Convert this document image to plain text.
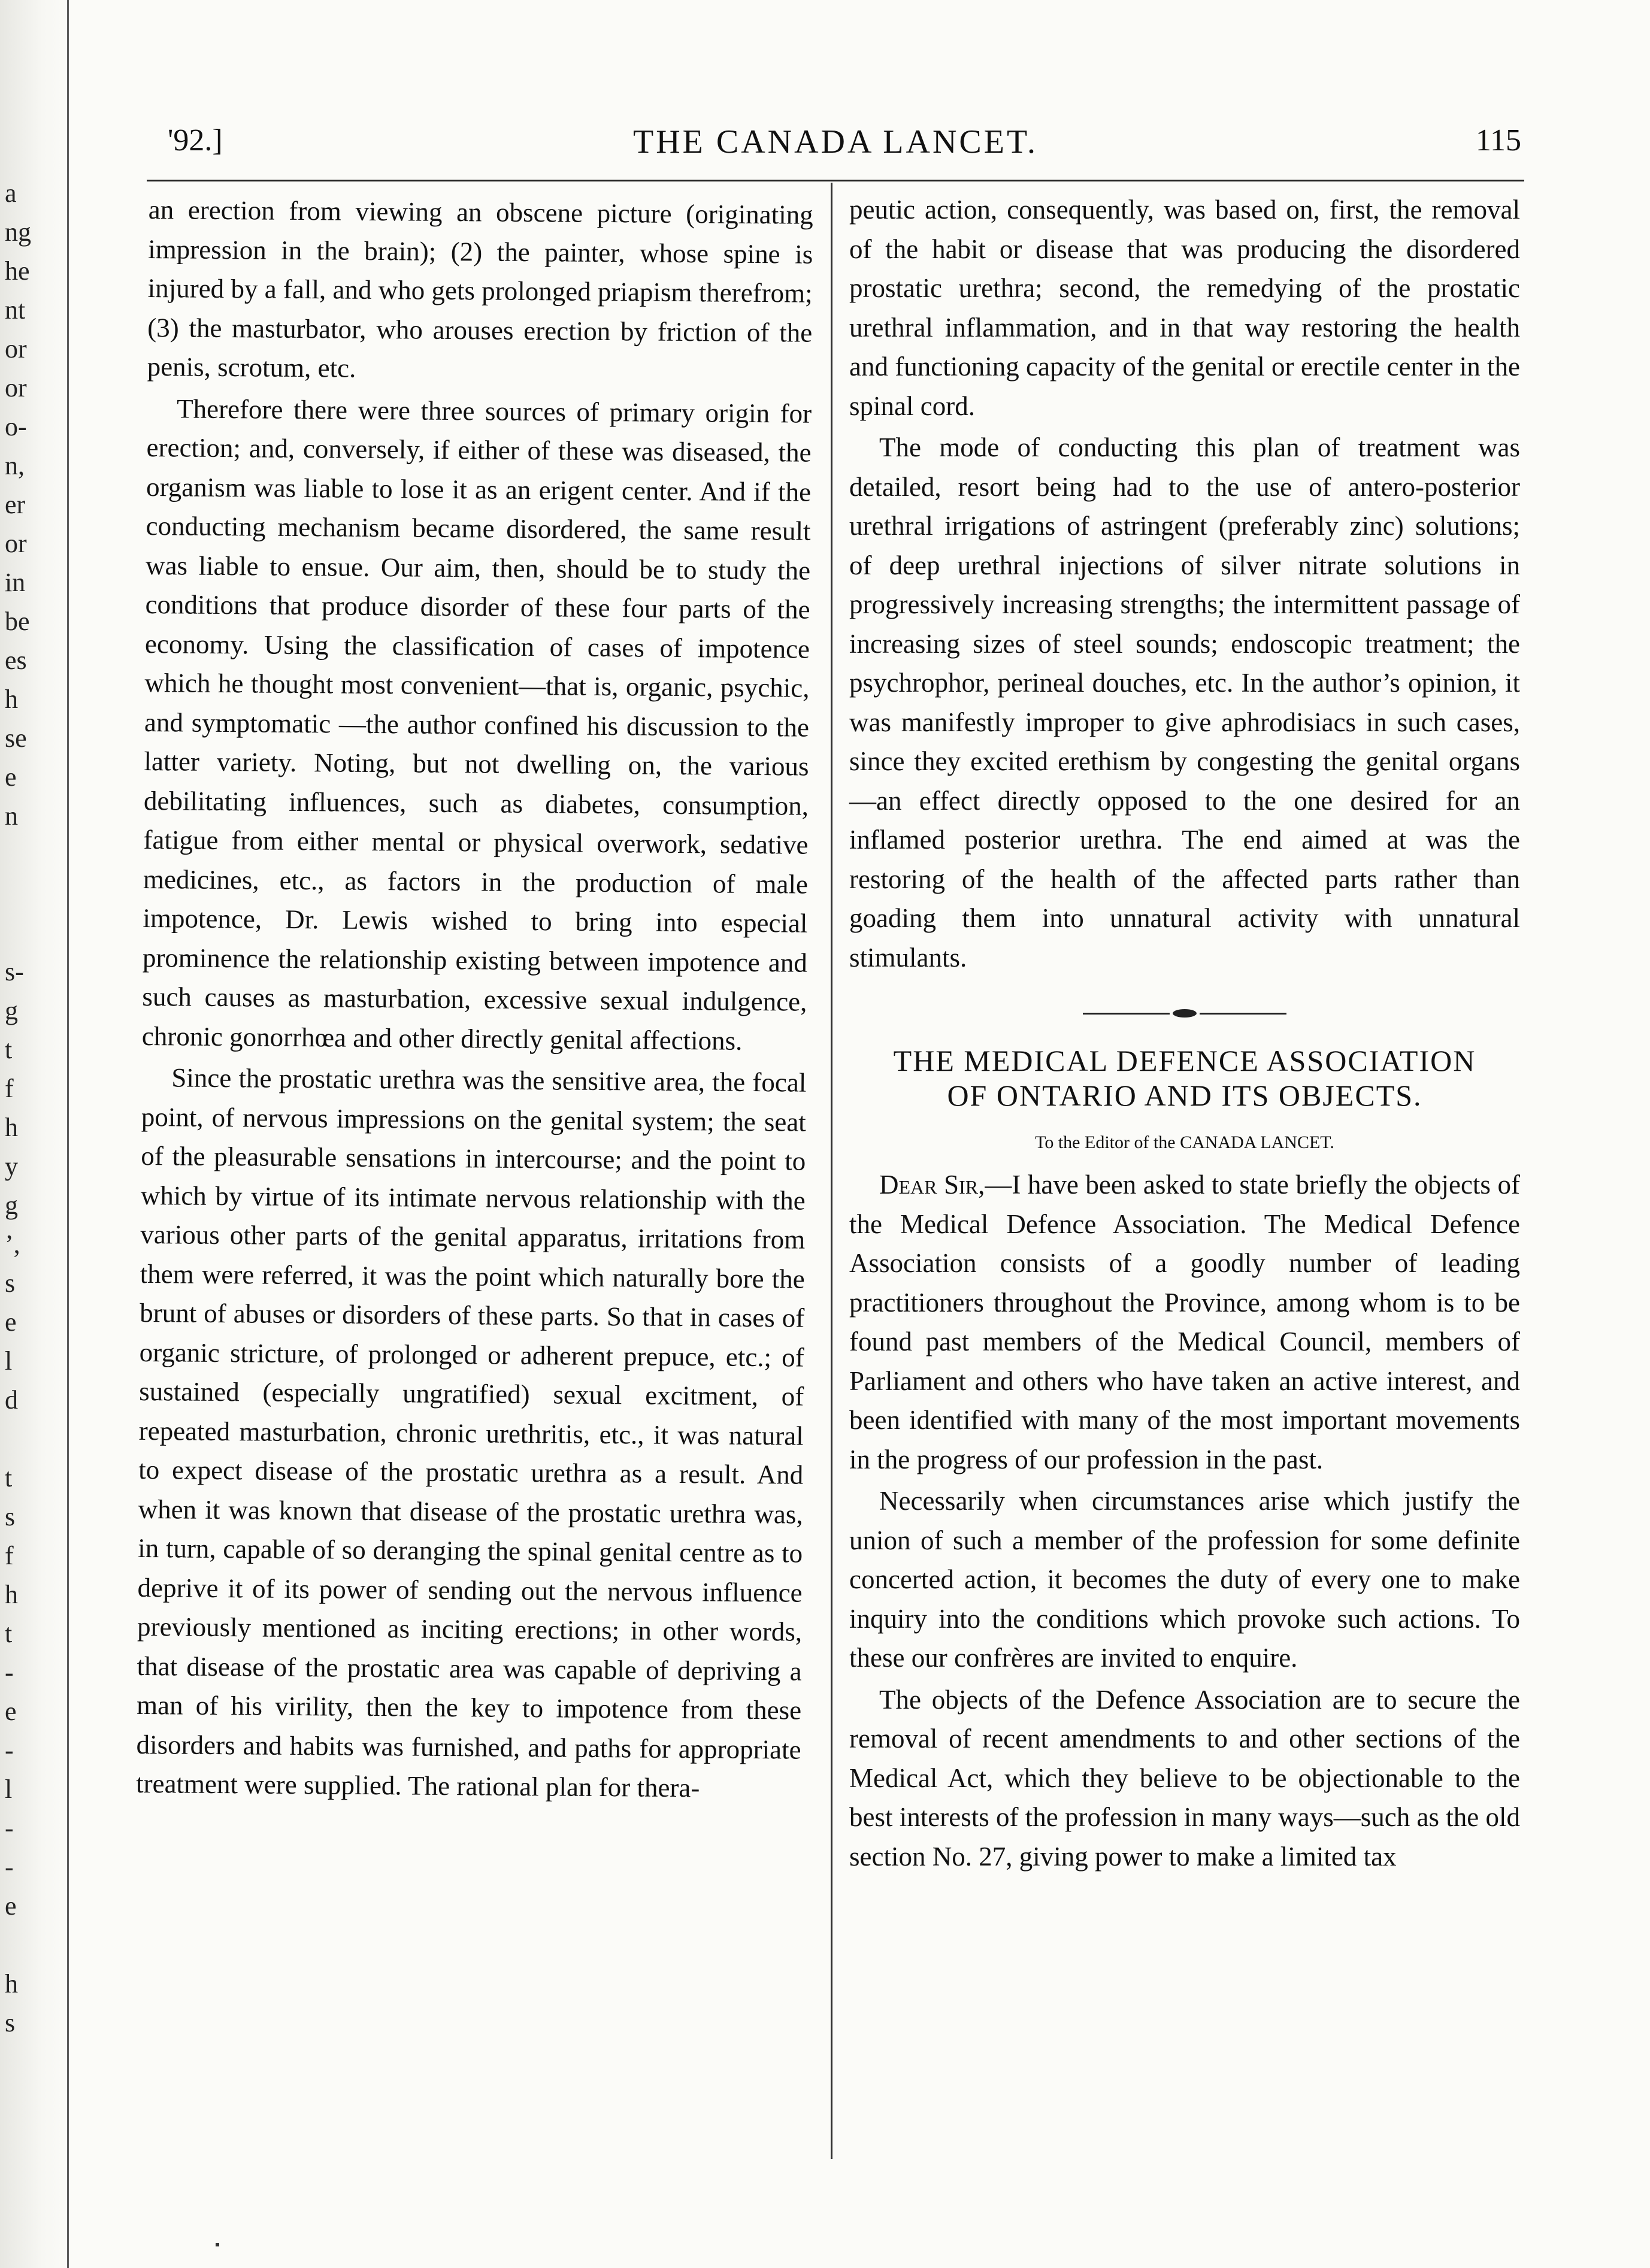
a
ng
he
nt
or
or
o-
n,
er
or
in
be
es
h
se
e
n
s-
g
t
f
h
y
g
’,
s
e
l
d
t
s
f
h
t
-
e
-
l
-
-
e
h
s
'92.]	THE CANADA LANCET.	115

an erection from viewing an obscene picture (originating impression in the brain); (2) the painter, whose spine is injured by a fall, and who gets prolonged priapism therefrom; (3) the masturbator, who arouses erection by friction of the penis, scrotum, etc.

Therefore there were three sources of primary origin for erection; and, conversely, if either of these was diseased, the organism was liable to lose it as an erigent center. And if the conducting mechanism became disordered, the same result was liable to ensue. Our aim, then, should be to study the conditions that produce disorder of these four parts of the economy. Using the classification of cases of impotence which he thought most convenient—that is, organic, psychic, and symptomatic —the author confined his discussion to the latter variety. Noting, but not dwelling on, the various debilitating influences, such as diabetes, consumption, fatigue from either mental or physical overwork, sedative medicines, etc., as factors in the production of male impotence, Dr. Lewis wished to bring into especial prominence the relationship existing between impotence and such causes as masturbation, excessive sexual indulgence, chronic gonorrhœa and other directly genital affections.

Since the prostatic urethra was the sensitive area, the focal point, of nervous impressions on the genital system; the seat of the pleasurable sensations in intercourse; and the point to which by virtue of its intimate nervous relationship with the various other parts of the genital apparatus, irritations from them were referred, it was the point which naturally bore the brunt of abuses or disorders of these parts. So that in cases of organic stricture, of prolonged or adherent prepuce, etc.; of sustained (especially ungratified) sexual excitment, of repeated masturbation, chronic urethritis, etc., it was natural to expect disease of the prostatic urethra as a result. And when it was known that disease of the prostatic urethra was, in turn, capable of so deranging the spinal genital centre as to deprive it of its power of sending out the nervous influence previously mentioned as inciting erections; in other words, that disease of the prostatic area was capable of depriving a man of his virility, then the key to impotence from these disorders and habits was furnished, and paths for appropriate treatment were supplied. The rational plan for thera-

peutic action, consequently, was based on, first, the removal of the habit or disease that was producing the disordered prostatic urethra; second, the remedying of the prostatic urethral inflammation, and in that way restoring the health and functioning capacity of the genital or erectile center in the spinal cord.

The mode of conducting this plan of treatment was detailed, resort being had to the use of antero-posterior urethral irrigations of astringent (preferably zinc) solutions; of deep urethral injections of silver nitrate solutions in progressively increasing strengths; the intermittent passage of increasing sizes of steel sounds; endoscopic treatment; the psychrophor, perineal douches, etc. In the author’s opinion, it was manifestly improper to give aphrodisiacs in such cases, since they excited erethism by congesting the genital organs—an effect directly opposed to the one desired for an inflamed posterior urethra. The end aimed at was the restoring of the health of the affected parts rather than goading them into unnatural activity with unnatural stimulants.

THE MEDICAL DEFENCE ASSOCIATION
OF ONTARIO AND ITS OBJECTS.
To the Editor of the CANADA LANCET.

Dear Sir,—I have been asked to state briefly the objects of the Medical Defence Association. The Medical Defence Association consists of a goodly number of leading practitioners throughout the Province, among whom is to be found past members of the Medical Council, members of Parliament and others who have taken an active interest, and been identified with many of the most important movements in the progress of our profession in the past.

Necessarily when circumstances arise which justify the union of such a member of the profession for some definite concerted action, it becomes the duty of every one to make inquiry into the conditions which provoke such actions. To these our confrères are invited to enquire.

The objects of the Defence Association are to secure the removal of recent amendments to and other sections of the Medical Act, which they believe to be objectionable to the best interests of the profession in many ways—such as the old section No. 27, giving power to make a limited tax
